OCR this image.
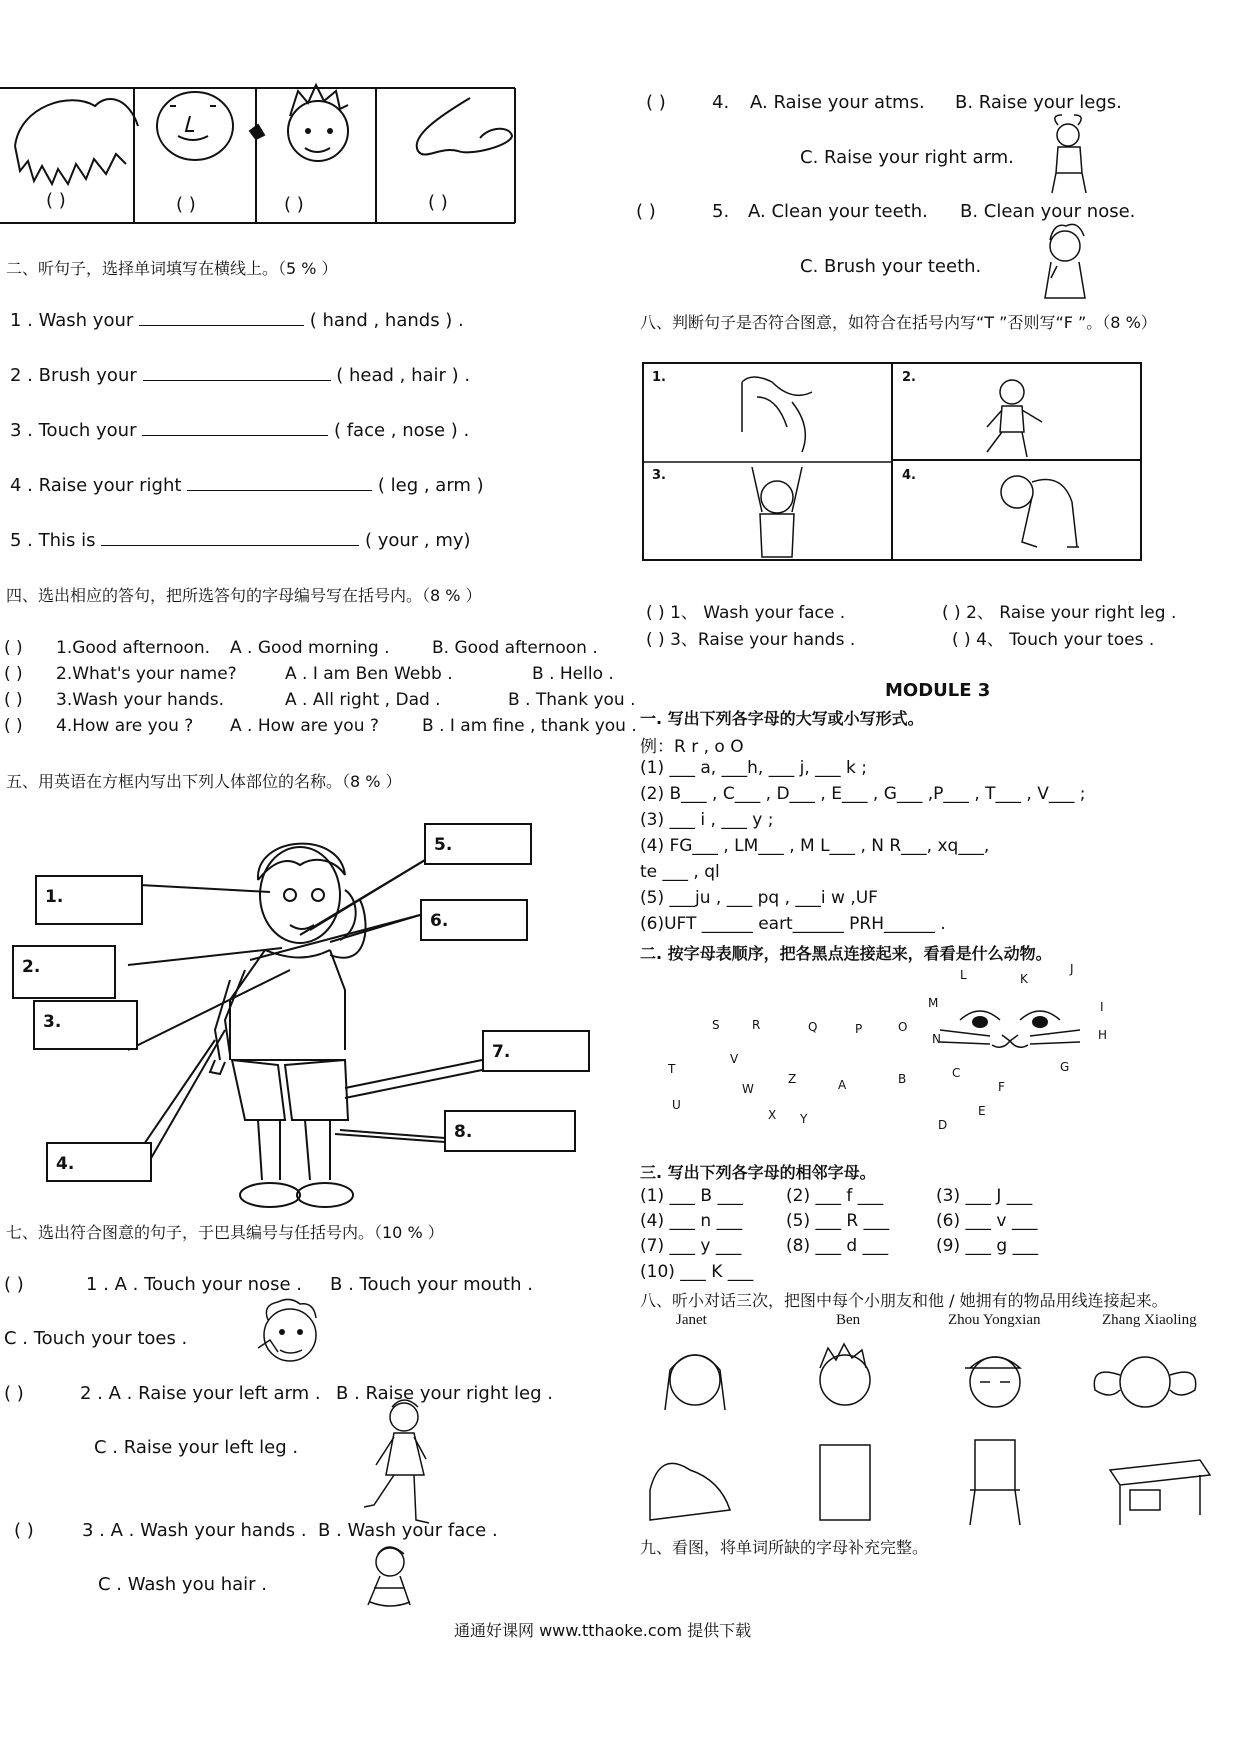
( )	( )	( )	( )
二、听句子，选择单词填写在横线上。（5 % ）
1 . Wash your	( hand , hands ) .
2 . Brush your	( head , hair ) .
3 . Touch your	( face , nose ) .
4 . Raise your right	( leg , arm )
5 . This is	( your , my)
四、选出相应的答句，把所选答句的字母编号写在括号内。（8 % ）
( ) 1.Good afternoon. A . Good morning . B. Good afternoon .
( ) 2.What's your name?	A . I am Ben Webb .	B . Hello .
( ) 3.Wash your hands.	A . All right , Dad .	B . Thank you .
( ) 4.How are you ? A . How are you ?	B . I am fine , thank you .
五、用英语在方框内写出下列人体部位的名称。（8 % ）
1.
2.
3.
4.
5.
6.
7.
8.
七、选出符合图意的句子，于巴具编号与任括号内。（10 % ）
( )	1 . A . Touch your nose . B . Touch your mouth .
C . Touch your toes .
( )	2 . A . Raise your left arm . B . Raise your right leg .
C . Raise your left leg .
( )	3 . A . Wash your hands . B . Wash your face .
C . Wash you hair .
( )	4. A. Raise your atms. B. Raise your legs.
C. Raise your right arm.
( )	5. A. Clean your teeth. B. Clean your nose.
C. Brush your teeth.
八、判断句子是否符合图意，如符合在括号内写“T ”否则写“F ”。（8 %）
1.	2.
3.	4.
( ) 1、 Wash your face .	( ) 2、 Raise your right leg .
( ) 3、Raise your hands .	( ) 4、 Touch your toes .
MODULE 3
一. 写出下列各字母的大写或小写形式。
例：R r , o O
(1) ___ a, ___h, ___ j, ___ k ;
(2) B___ , C___ , D___ , E___ , G___ ,P___ , T___ , V___ ;
(3) ___ i , ___ y ;
(4) FG___ , LM___ , M L___ , N R___, xq___,
te ___ , ql
(5) ___ju , ___ pq , ___i w ,UF
(6)UFT ______ eart______ PRH______ .
二. 按字母表顺序，把各黑点连接起来，看看是什么动物。
L	K
J
M	I
S	R	Q	P	O
N	H
T
V
G
C
F
W
Z	A	B
U
X Y
E
D
三. 写出下列各字母的相邻字母。
(1) ___ B ___	(2) ___ f ___	(3) ___ J ___
(4) ___ n ___	(5) ___ R ___	(6) ___ v ___
(7) ___ y ___	(8) ___ d ___	(9) ___ g ___
(10) ___ K ___
八、听小对话三次，把图中每个小朋友和他 / 她拥有的物品用线连接起来。
Janet	Ben	Zhou Yongxian	Zhang Xiaoling
九、看图，将单词所缺的字母补充完整。
通通好课网 www.tthaoke.com 提供下载
